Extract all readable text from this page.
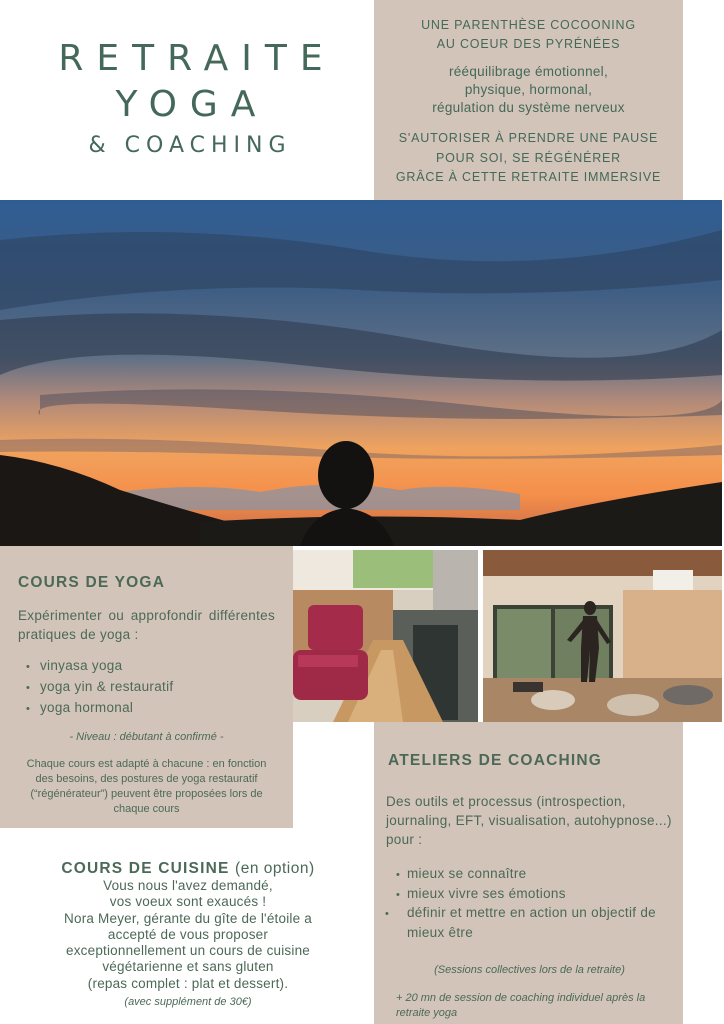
RETRAITE
YOGA
& COACHING
UNE PARENTHÈSE COCOONING
AU COEUR DES PYRÉNÉES
rééquilibrage émotionnel,
physique, hormonal,
régulation du système nerveux
S'AUTORISER À PRENDRE UNE PAUSE
POUR SOI, SE RÉGÉNÉRER
GRÂCE À CETTE RETRAITE IMMERSIVE
COURS DE YOGA
Expérimenter ou approfondir différentes pratiques de yoga :
• vinyasa yoga
• yoga yin & restauratif
• yoga hormonal
- Niveau : débutant à confirmé -
Chaque cours est adapté à chacune : en fonction des besoins, des postures de yoga restauratif (“régénérateur”) peuvent être proposées lors de chaque cours
ATELIERS DE COACHING
Des outils et processus (introspection, journaling, EFT, visualisation, autohypnose...) pour :
• mieux se connaître
• mieux vivre ses émotions
• définir et mettre en action un objectif de mieux être
(Sessions collectives lors de la retraite)
+ 20 mn de session de coaching individuel après la retraite yoga
COURS DE CUISINE (en option)

Vous nous l'avez demandé,

vos voeux sont exaucés !

Nora Meyer, gérante du gîte de l'étoile a

accepté de vous proposer

exceptionnellement un cours de cuisine

végétarienne et sans gluten

(repas complet : plat et dessert).

(avec supplément de 30€)
